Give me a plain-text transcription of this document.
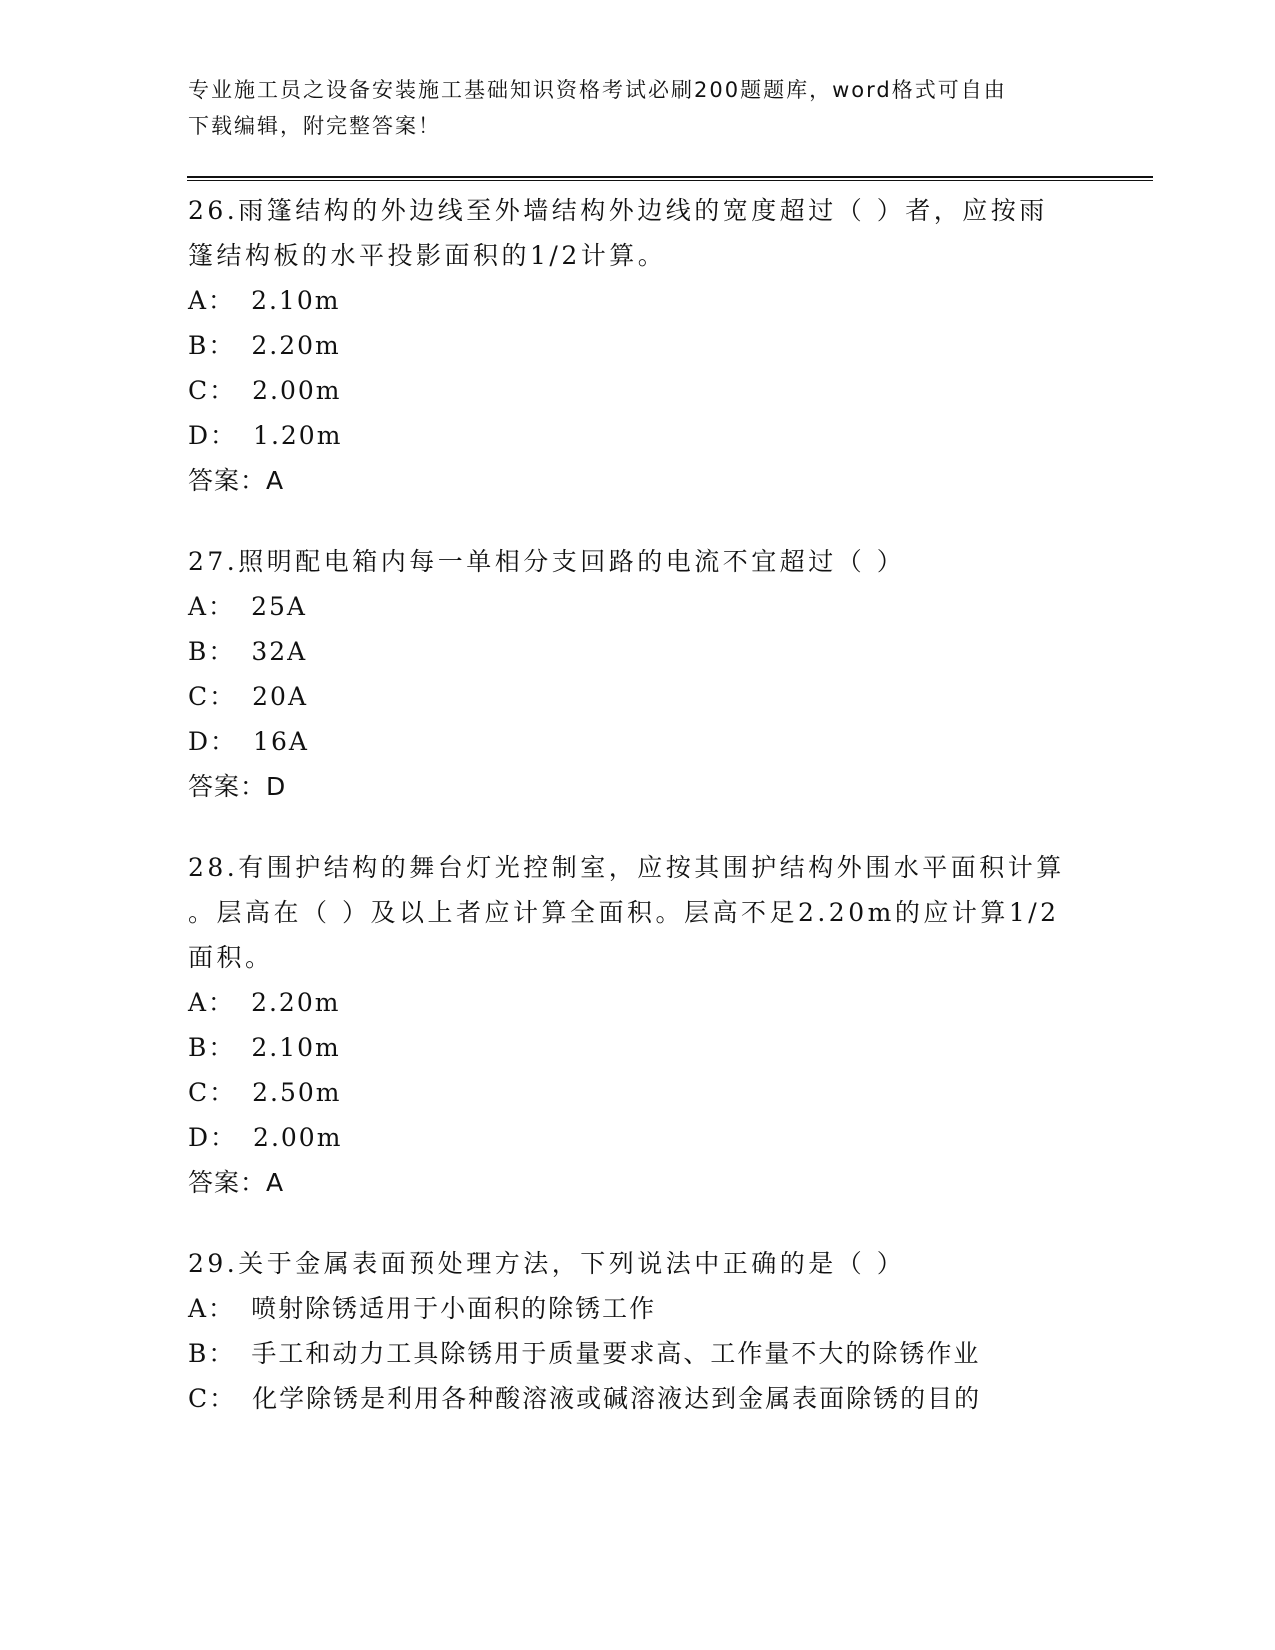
专业施工员之设备安装施工基础知识资格考试必刷200题题库，word格式可自由
下载编辑，附完整答案！
26.雨篷结构的外边线至外墙结构外边线的宽度超过（ ）者，应按雨
篷结构板的水平投影面积的1/2计算。
A： 2.10m
B： 2.20m
C： 2.00m
D： 1.20m
答案：A
27.照明配电箱内每一单相分支回路的电流不宜超过（ ）
A： 25A
B： 32A
C： 20A
D： 16A
答案：D
28.有围护结构的舞台灯光控制室，应按其围护结构外围水平面积计算
。层高在（ ）及以上者应计算全面积。层高不足2.20m的应计算1/2
面积。
A： 2.20m
B： 2.10m
C： 2.50m
D： 2.00m
答案：A
29.关于金属表面预处理方法，下列说法中正确的是（ ）
A： 喷射除锈适用于小面积的除锈工作
B： 手工和动力工具除锈用于质量要求高、工作量不大的除锈作业
C： 化学除锈是利用各种酸溶液或碱溶液达到金属表面除锈的目的
